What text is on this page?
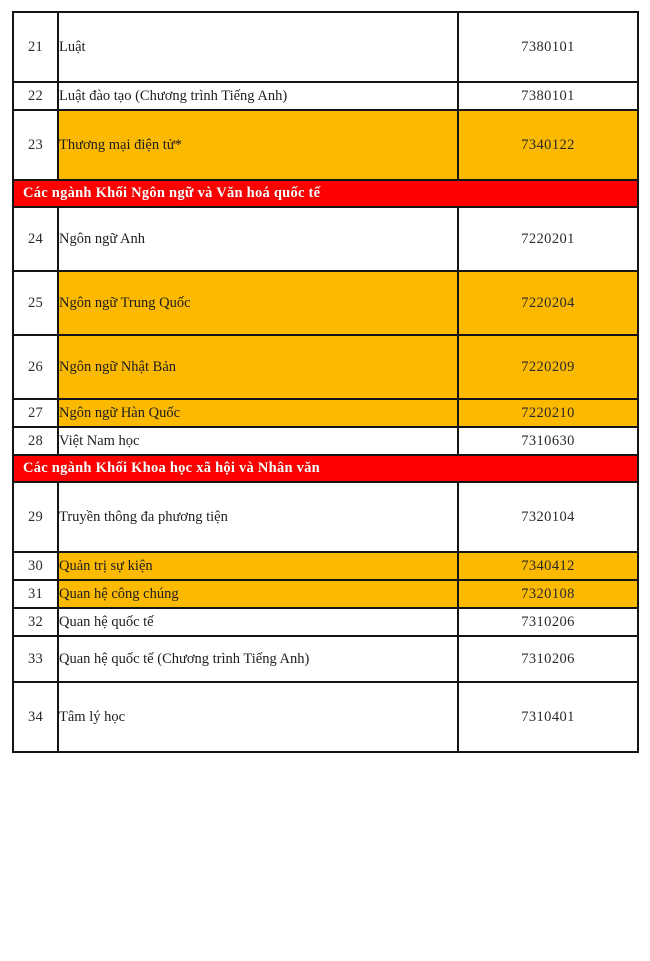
21	Luật	7380101
22	Luật đào tạo (Chương trình Tiếng Anh)	7380101
23	Thương mại điện tử*	7340122
Các ngành Khối Ngôn ngữ và Văn hoá quốc tế		
24	Ngôn ngữ Anh	7220201
25	Ngôn ngữ Trung Quốc	7220204
26	Ngôn ngữ Nhật Bản	7220209
27	Ngôn ngữ Hàn Quốc	7220210
28	Việt Nam học	7310630
Các ngành Khối Khoa học xã hội và Nhân văn		
29	Truyền thông đa phương tiện	7320104
30	Quản trị sự kiện	7340412
31	Quan hệ công chúng	7320108
32	Quan hệ quốc tế	7310206
33	Quan hệ quốc tế (Chương trình Tiếng Anh)	7310206
34	Tâm lý học	7310401
